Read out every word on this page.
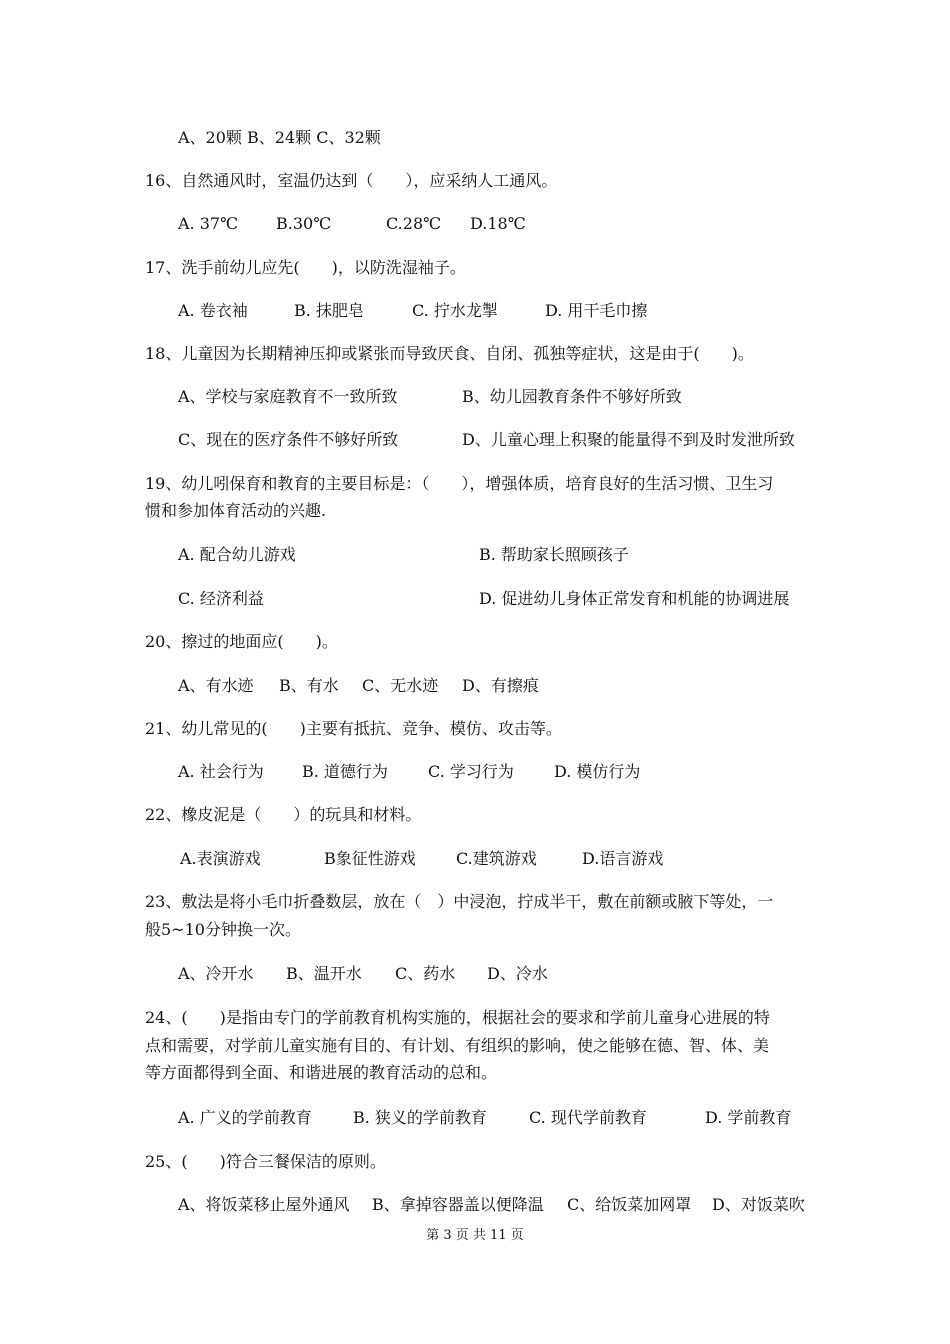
A、20颗 B、24颗 C、32颗
16、自然通风时，室温仍达到（　　），应采纳人工通风。
A. 37℃ B.30℃	C.28℃ D.18℃
17、洗手前幼儿应先(　　)，以防洗湿袖子。
A. 卷衣袖	B. 抹肥皂	C. 拧水龙掣	D. 用干毛巾擦
18、儿童因为长期精神压抑或紧张而导致厌食、自闭、孤独等症状，这是由于(　　)。
A、学校与家庭教育不一致所致	B、幼儿园教育条件不够好所致
C、现在的医疗条件不够好所致	D、儿童心理上积聚的能量得不到及时发泄所致
19、幼儿吲保育和教育的主要目标是：（　　），增强体质，培育良好的生活习惯、卫生习
惯和参加体育活动的兴趣.
A. 配合幼儿游戏	B. 帮助家长照顾孩子
C. 经济利益	D. 促进幼儿身体正常发育和机能的协调进展
20、擦过的地面应(　　)。
A、有水迹 B、有水 C、无水迹 D、有擦痕
21、幼儿常见的(　　)主要有抵抗、竞争、模仿、攻击等。
A. 社会行为 B. 道德行为	C. 学习行为	D. 模仿行为
22、橡皮泥是（　　）的玩具和材料。
A.表演游戏	B象征性游戏	C.建筑游戏	D.语言游戏
23、敷法是将小毛巾折叠数层，放在（　）中浸泡，拧成半干，敷在前额或腋下等处，一
般5~10分钟换一次。
A、冷开水 B、温开水 C、药水 D、冷水
24、(　　)是指由专门的学前教育机构实施的，根据社会的要求和学前儿童身心进展的特
点和需要，对学前儿童实施有目的、有计划、有组织的影响，使之能够在德、智、体、美
等方面都得到全面、和谐进展的教育活动的总和。
A. 广义的学前教育	B. 狭义的学前教育	C. 现代学前教育	D. 学前教育
25、(　　)符合三餐保洁的原则。
A、将饭菜移止屋外通风 B、拿掉容器盖以便降温 C、给饭菜加网罩 D、对饭菜吹
第 3 页 共 11 页
